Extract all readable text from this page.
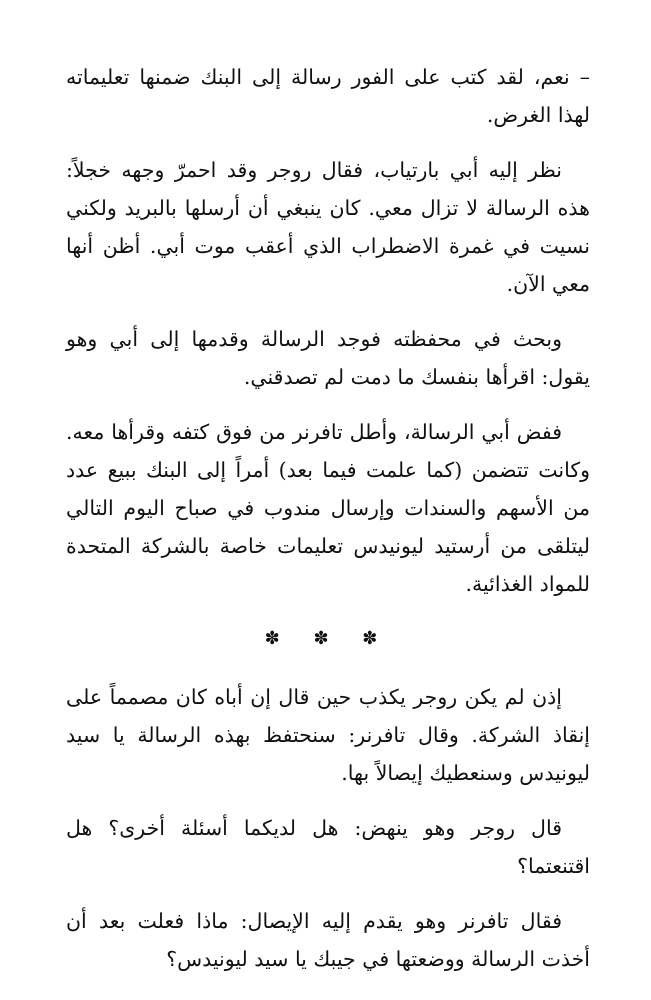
– نعم، لقد كتب على الفور رسالة إلى البنك ضمنها تعليماته لهذا الغرض.

نظر إليه أبي بارتياب، فقال روجر وقد احمرّ وجهه خجلاً: هذه الرسالة لا تزال معي. كان ينبغي أن أرسلها بالبريد ولكني نسيت في غمرة الاضطراب الذي أعقب موت أبي. أظن أنها معي الآن.

وبحث في محفظته فوجد الرسالة وقدمها إلى أبي وهو يقول: اقرأها بنفسك ما دمت لم تصدقني.

ففض أبي الرسالة، وأطل تافرنر من فوق كتفه وقرأها معه. وكانت تتضمن (كما علمت فيما بعد) أمراً إلى البنك ببيع عدد من الأسهم والسندات وإرسال مندوب في صباح اليوم التالي ليتلقى من أرستيد ليونيدس تعليمات خاصة بالشركة المتحدة للمواد الغذائية.

✽ ✽ ✽

إذن لم يكن روجر يكذب حين قال إن أباه كان مصمماً على إنقاذ الشركة. وقال تافرنر: سنحتفظ بهذه الرسالة يا سيد ليونيدس وسنعطيك إيصالاً بها.

قال روجر وهو ينهض: هل لديكما أسئلة أخرى؟ هل اقتنعتما؟

فقال تافرنر وهو يقدم إليه الإيصال: ماذا فعلت بعد أن أخذت الرسالة ووضعتها في جيبك يا سيد ليونيدس؟
